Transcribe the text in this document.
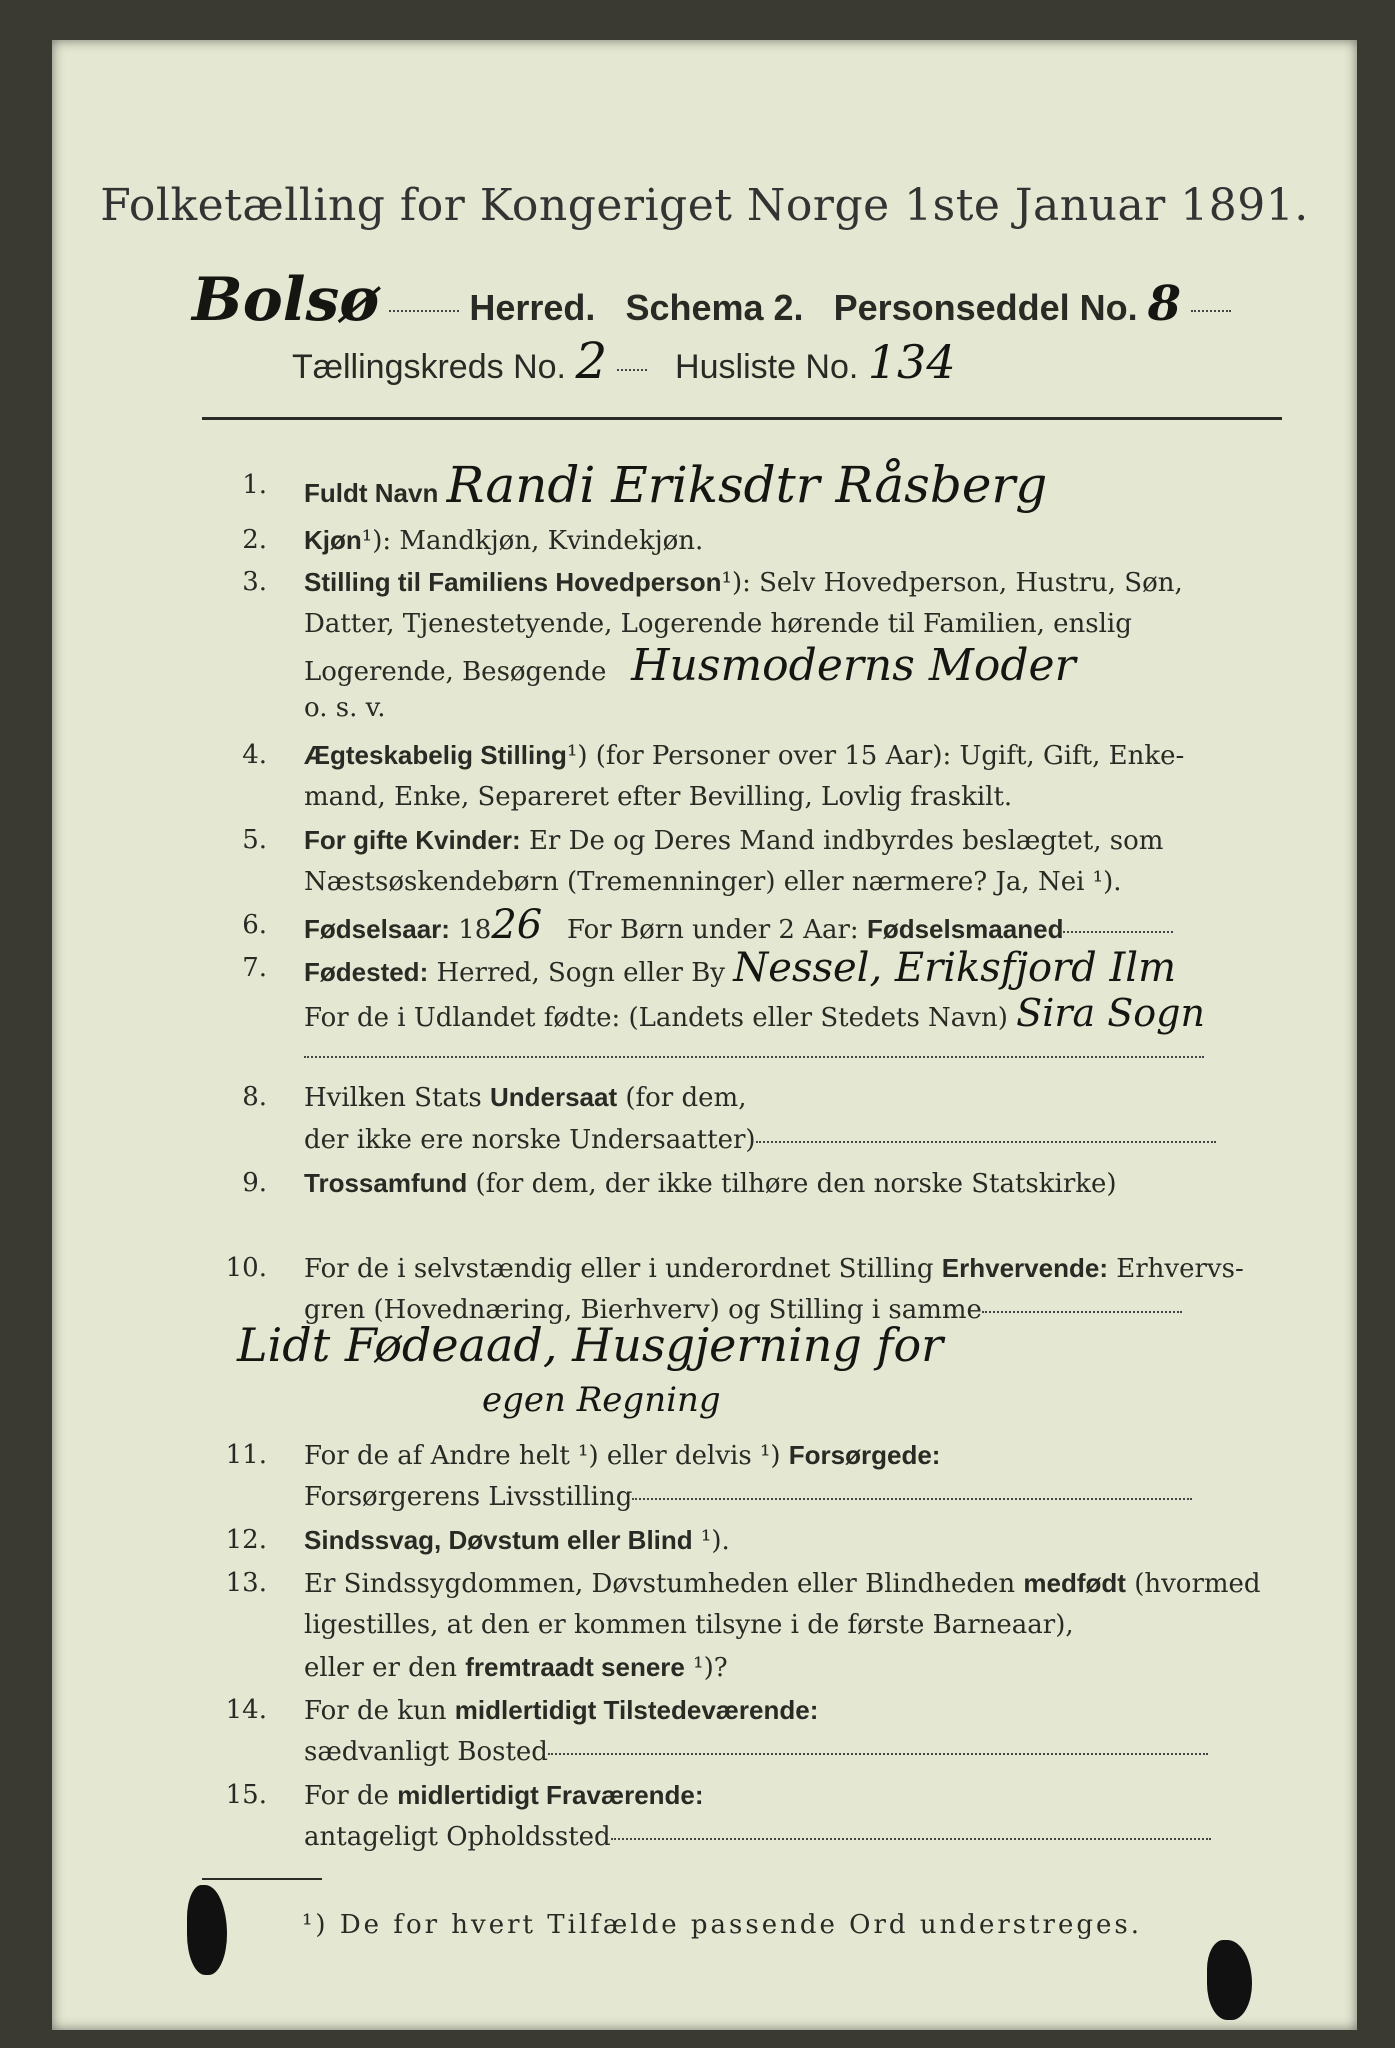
Folketælling for Kongeriget Norge 1ste Januar 1891.
Bolsø	Herred. Schema 2. Personseddel No. 8
Tællingskreds No. 2 Husliste No. 134
1. Fuldt Navn Randi Eriksdtr Råsberg
2. Kjøn¹): Mandkjøn, Kvindekjøn.
3. Stilling til Familiens Hovedperson¹): Selv Hovedperson, Hustru, Søn,
Datter, Tjenestetyende, Logerende hørende til Familien, enslig
Logerende, Besøgende Husmoderns Moder
o. s. v.
4. Ægteskabelig Stilling¹) (for Personer over 15 Aar): Ugift, Gift, Enke-
mand, Enke, Separeret efter Bevilling, Lovlig fraskilt.
5. For gifte Kvinder: Er De og Deres Mand indbyrdes beslægtet, som
Næstsøskendebørn (Tremenninger) eller nærmere? Ja, Nei ¹).
6. Fødselsaar: 1826 For Børn under 2 Aar: Fødselsmaaned
7. Fødested: Herred, Sogn eller By Nessel, Eriksfjord Ilm
For de i Udlandet fødte: (Landets eller Stedets Navn) Sira Sogn
8. Hvilken Stats Undersaat (for dem,
der ikke ere norske Undersaatter)
9. Trossamfund (for dem, der ikke tilhøre den norske Statskirke)
10. For de i selvstændig eller i underordnet Stilling Erhvervende: Erhvervs-
gren (Hovednæring, Bierhverv) og Stilling i samme
Lidt Fødeaad, Husgjerning for
egen Regning
11. For de af Andre helt ¹) eller delvis ¹) Forsørgede:
Forsørgerens Livsstilling
12. Sindssvag, Døvstum eller Blind ¹).
13. Er Sindssygdommen, Døvstumheden eller Blindheden medfødt (hvormed
ligestilles, at den er kommen tilsyne i de første Barneaar),
eller er den fremtraadt senere ¹)?
14. For de kun midlertidigt Tilstedeværende:
sædvanligt Bosted
15. For de midlertidigt Fraværende:
antageligt Opholdssted
¹) De for hvert Tilfælde passende Ord understreges.
